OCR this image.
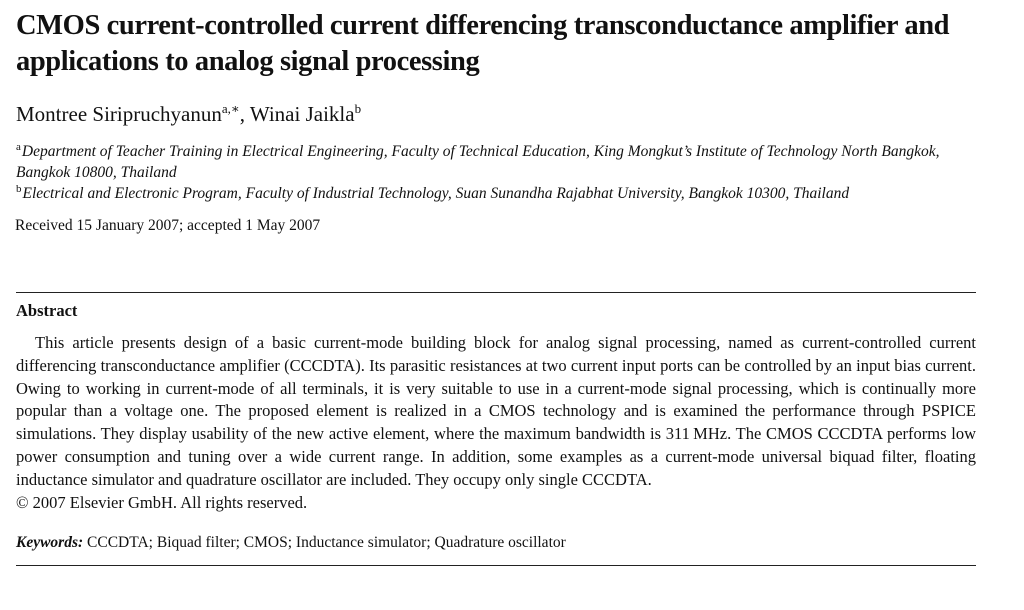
CMOS current-controlled current differencing transconductance amplifier and applications to analog signal processing
Montree Siripruchyanun$^{a,∗}$, Winai Jaikla$^b$
$^a$Department of Teacher Training in Electrical Engineering, Faculty of Technical Education, King Mongkut’s Institute of Technology North Bangkok, Bangkok 10800, Thailand
$^b$Electrical and Electronic Program, Faculty of Industrial Technology, Suan Sunandha Rajabhat University, Bangkok 10300, Thailand
Received 15 January 2007; accepted 1 May 2007
Abstract
This article presents design of a basic current-mode building block for analog signal processing, named as current-controlled current differencing transconductance amplifier (CCCDTA). Its parasitic resistances at two current input ports can be controlled by an input bias current. Owing to working in current-mode of all terminals, it is very suitable to use in a current-mode signal processing, which is continually more popular than a voltage one. The proposed element is realized in a CMOS technology and is examined the performance through PSPICE simulations. They display usability of the new active element, where the maximum bandwidth is 311 MHz. The CMOS CCCDTA performs low power consumption and tuning over a wide current range. In addition, some examples as a current-mode universal biquad filter, floating inductance simulator and quadrature oscillator are included. They occupy only single CCCDTA.
© 2007 Elsevier GmbH. All rights reserved.
Keywords: CCCDTA; Biquad filter; CMOS; Inductance simulator; Quadrature oscillator
